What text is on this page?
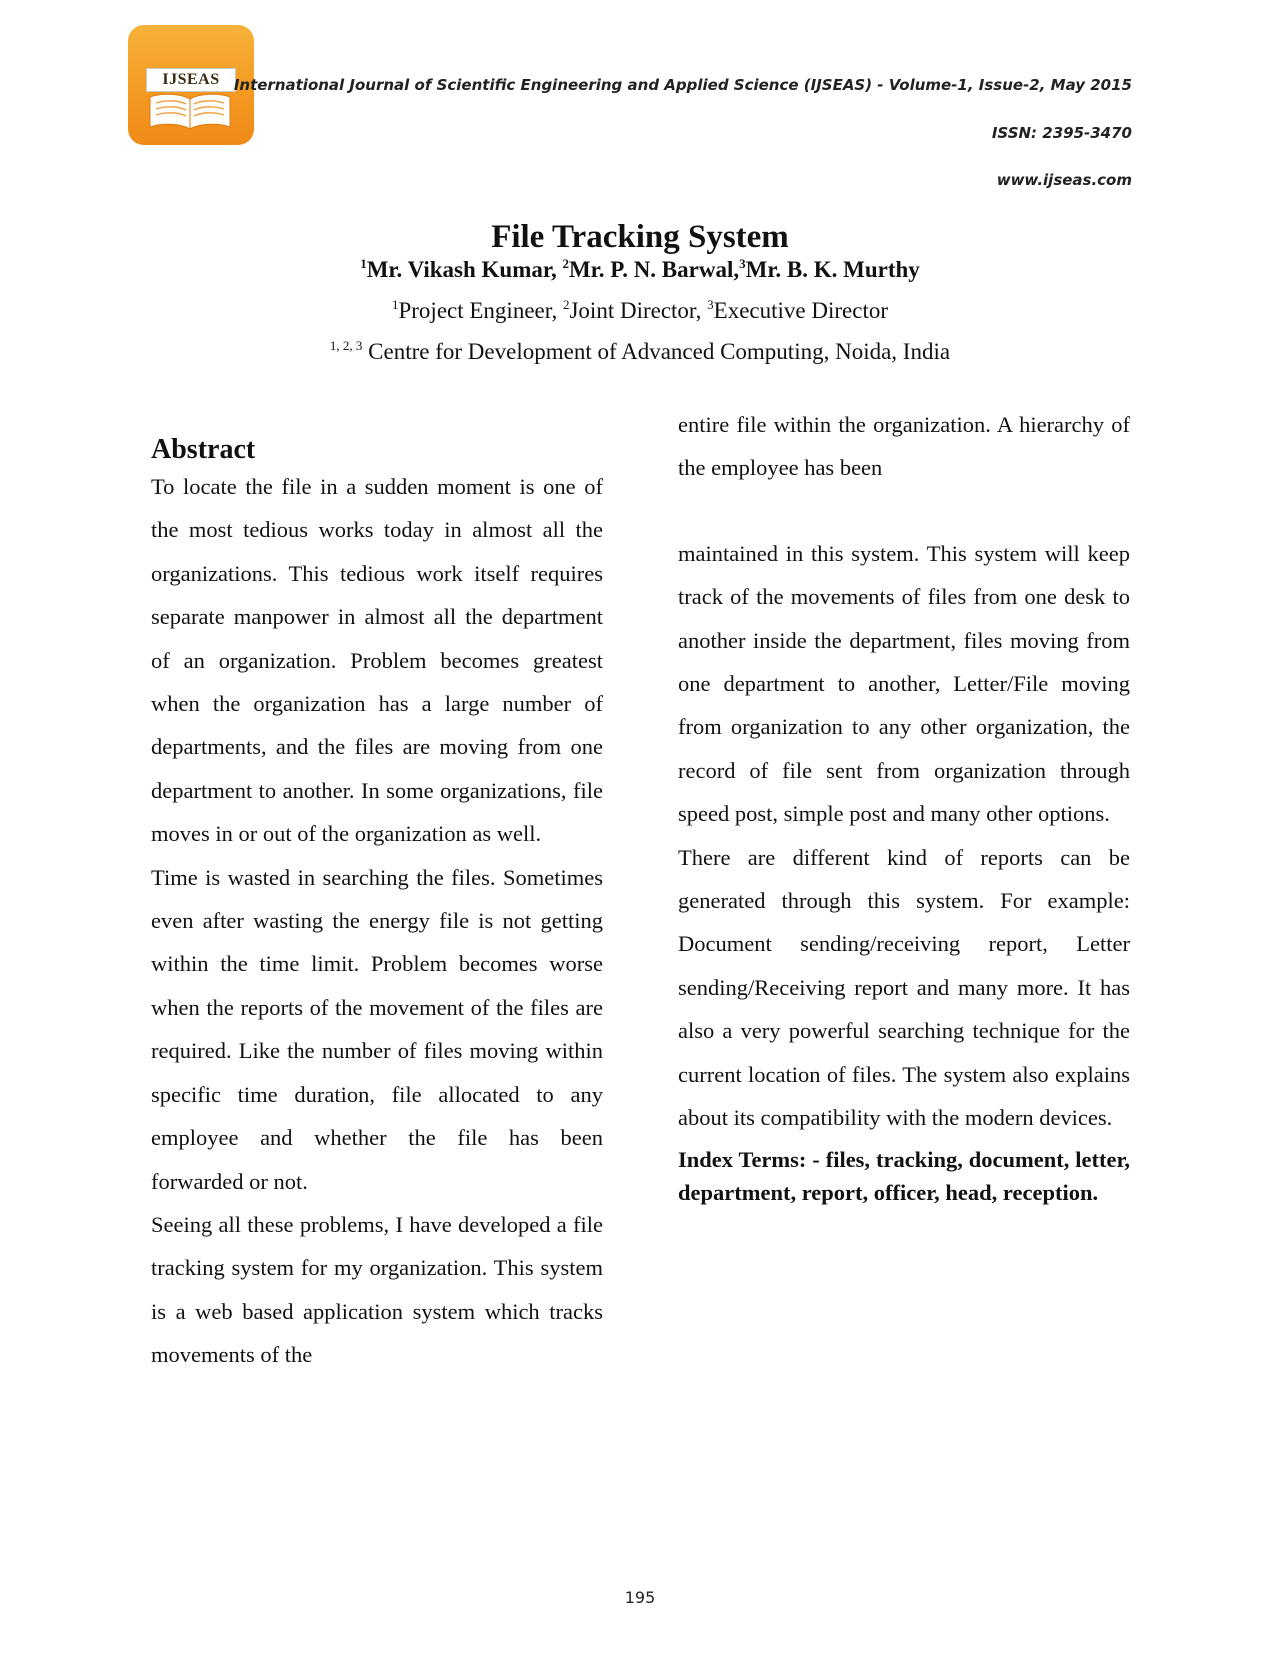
IJSEAS International Journal of Scientific Engineering and Applied Science (IJSEAS) - Volume-1, Issue-2, May 2015

ISSN: 2395-3470

www.ijseas.com

File Tracking System

$^1$Mr. Vikash Kumar, $^2$Mr. P. N. Barwal,$^3$Mr. B. K. Murthy

$^1$Project Engineer, $^2$Joint Director, $^3$Executive Director

$^{1, 2, 3}$ Centre for Development of Advanced Computing, Noida, India

Abstract

To locate the file in a sudden moment is one of the most tedious works today in almost all the organizations. This tedious work itself requires separate manpower in almost all the department of an organization. Problem becomes greatest when the organization has a large number of departments, and the files are moving from one department to another. In some organizations, file moves in or out of the organization as well.

Time is wasted in searching the files. Sometimes even after wasting the energy file is not getting within the time limit. Problem becomes worse when the reports of the movement of the files are required. Like the number of files moving within specific time duration, file allocated to any employee and whether the file has been forwarded or not.

Seeing all these problems, I have developed a file tracking system for my organization. This system is a web based application system which tracks movements of the

entire file within the organization. A hierarchy of the employee has been

maintained in this system. This system will keep track of the movements of files from one desk to another inside the department, files moving from one department to another, Letter/File moving from organization to any other organization, the record of file sent from organization through speed post, simple post and many other options.

There are different kind of reports can be generated through this system. For example: Document sending/receiving report, Letter sending/Receiving report and many more. It has also a very powerful searching technique for the current location of files. The system also explains about its compatibility with the modern devices.

Index Terms: - files, tracking, document, letter, department, report, officer, head, reception.

195
